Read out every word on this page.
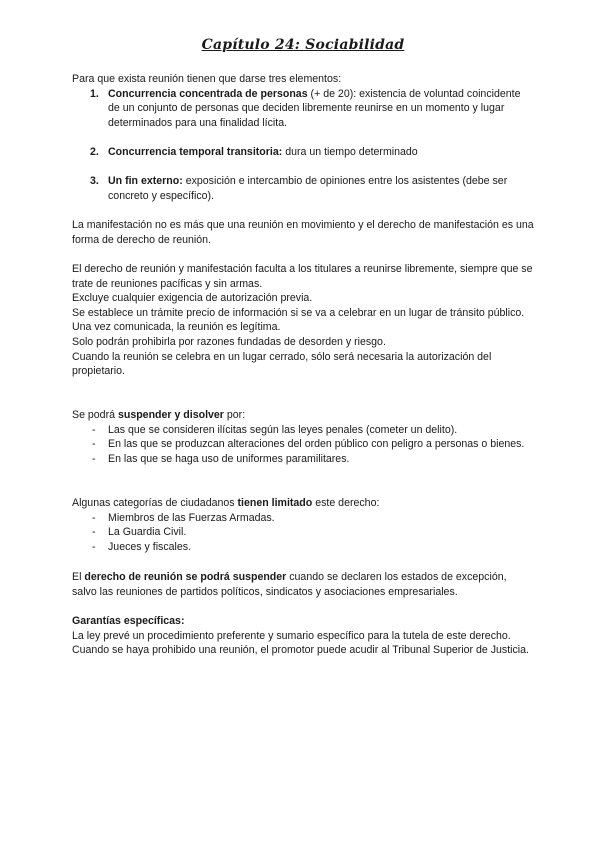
Capítulo 24: Sociabilidad

Para que exista reunión tienen que darse tres elementos:

1. Concurrencia concentrada de personas (+ de 20): existencia de voluntad coincidente de un conjunto de personas que deciden libremente reunirse en un momento y lugar determinados para una finalidad lícita.
2. Concurrencia temporal transitoria: dura un tiempo determinado
3. Un fin externo: exposición e intercambio de opiniones entre los asistentes (debe ser concreto y específico).

La manifestación no es más que una reunión en movimiento y el derecho de manifestación es una forma de derecho de reunión.

El derecho de reunión y manifestación faculta a los titulares a reunirse libremente, siempre que se trate de reuniones pacíficas y sin armas.

Excluye cualquier exigencia de autorización previa.

Se establece un trámite precio de información si se va a celebrar en un lugar de tránsito público.

Una vez comunicada, la reunión es legítima.

Solo podrán prohibirla por razones fundadas de desorden y riesgo.

Cuando la reunión se celebra en un lugar cerrado, sólo será necesaria la autorización del propietario.

Se podrá suspender y disolver por:

- Las que se consideren ilícitas según las leyes penales (cometer un delito).
- En las que se produzcan alteraciones del orden público con peligro a personas o bienes.
- En las que se haga uso de uniformes paramilitares.

Algunas categorías de ciudadanos tienen limitado este derecho:

- Miembros de las Fuerzas Armadas.
- La Guardia Civil.
- Jueces y fiscales.

El derecho de reunión se podrá suspender cuando se declaren los estados de excepción, salvo las reuniones de partidos políticos, sindicatos y asociaciones empresariales.

Garantías específicas:

La ley prevé un procedimiento preferente y sumario específico para la tutela de este derecho.

Cuando se haya prohibido una reunión, el promotor puede acudir al Tribunal Superior de Justicia.
